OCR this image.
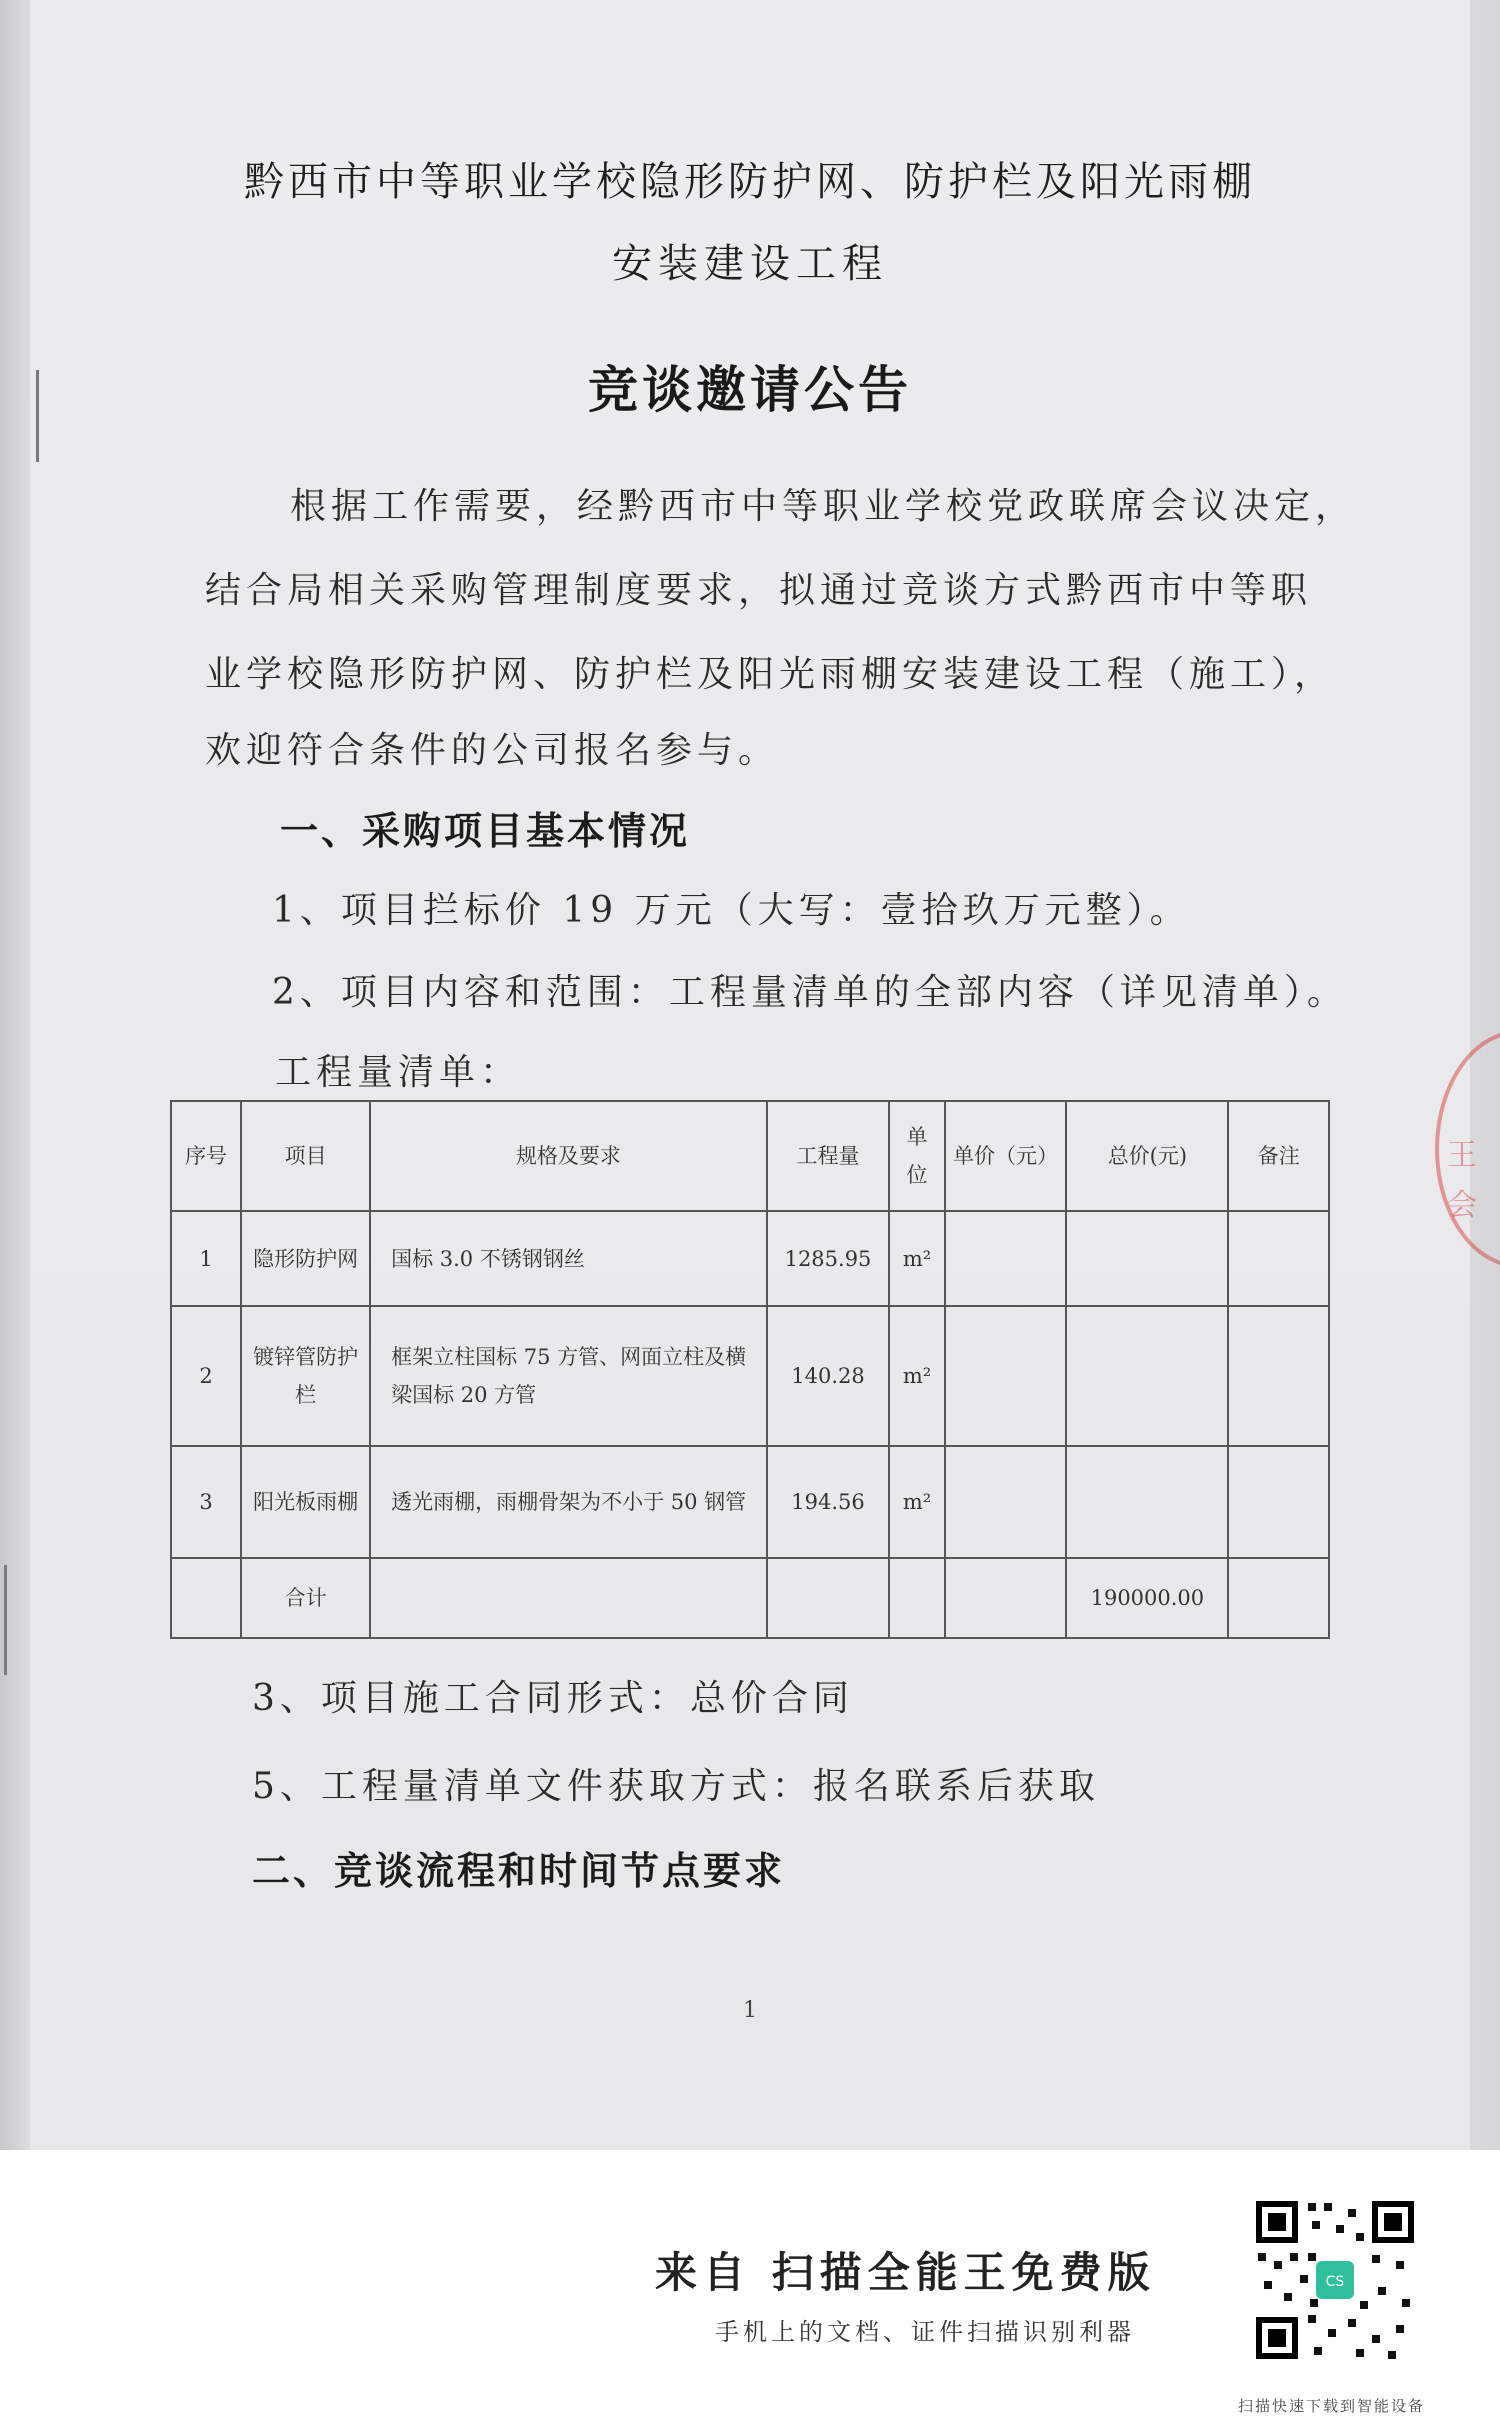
黔西市中等职业学校隐形防护网、防护栏及阳光雨棚
安装建设工程
竞谈邀请公告
根据工作需要，经黔西市中等职业学校党政联席会议决定，
结合局相关采购管理制度要求，拟通过竞谈方式黔西市中等职
业学校隐形防护网、防护栏及阳光雨棚安装建设工程（施工），
欢迎符合条件的公司报名参与。
一、采购项目基本情况
1、项目拦标价 19 万元（大写：壹拾玖万元整）。
2、项目内容和范围：工程量清单的全部内容（详见清单）。
工程量清单：
序号	项目	规格及要求	工程量	单位	单价（元）	总价(元)	备注
1	隐形防护网	国标 3.0 不锈钢钢丝	1285.95	m²			
2	镀锌管防护栏	框架立柱国标 75 方管、网面立柱及横梁国标 20 方管	140.28	m²			
3	阳光板雨棚	透光雨棚，雨棚骨架为不小于 50 钢管	194.56	m²			
	合计					190000.00	
3、项目施工合同形式：总价合同
5、工程量清单文件获取方式：报名联系后获取
二、竞谈流程和时间节点要求
1
王
会
来自 扫描全能王免费版
手机上的文档、证件扫描识别利器
CS
扫描快速下载到智能设备
